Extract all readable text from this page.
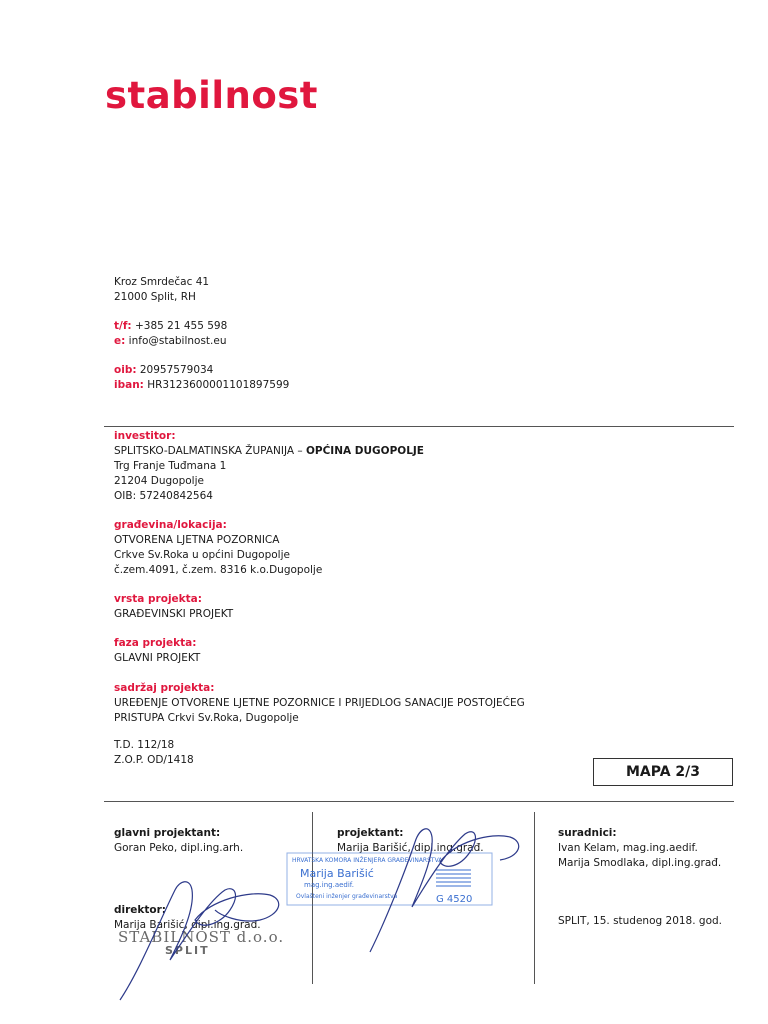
stabilnost
Kroz Smrdečac 41
21000 Split, RH
t/f: +385 21 455 598
e: info@stabilnost.eu
oib: 20957579034
iban: HR3123600001101897599
investitor:
SPLITSKO-DALMATINSKA ŽUPANIJA – OPĆINA DUGOPOLJE
Trg Franje Tuđmana 1
21204 Dugopolje
OIB: 57240842564
građevina/lokacija:
OTVORENA LJETNA POZORNICA
Crkve Sv.Roka u općini Dugopolje
č.zem.4091, č.zem. 8316 k.o.Dugopolje
vrsta projekta:
GRAĐEVINSKI PROJEKT
faza projekta:
GLAVNI PROJEKT
sadržaj projekta:
UREĐENJE OTVORENE LJETNE POZORNICE I PRIJEDLOG SANACIJE POSTOJEĆEG
PRISTUPA Crkvi Sv.Roka, Dugopolje
T.D. 112/18
Z.O.P. OD/1418
MAPA 2/3
glavni projektant:
Goran Peko, dipl.ing.arh.
direktor:
Marija Barišić, dipl.ing.građ.
STABILNOST d.o.o.
SPLIT
projektant:
Marija Barišić, dipl.ing.građ.
HRVATSKA KOMORA INŽENJERA GRAĐEVINARSTVA
Marija Barišić
mag.ing.aedif.
Ovlašteni inženjer građevinarstva	G 4520
suradnici:
Ivan Kelam, mag.ing.aedif.
Marija Smodlaka, dipl.ing.građ.
SPLIT, 15. studenog 2018. god.
